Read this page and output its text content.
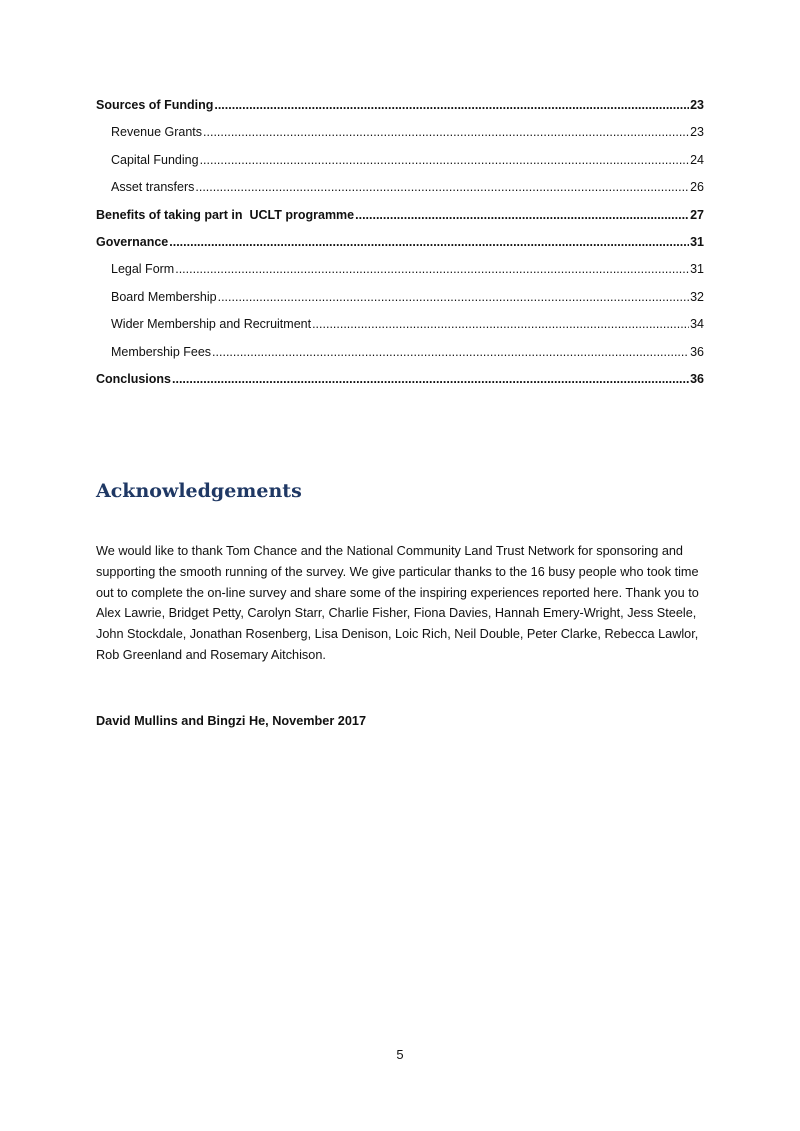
Sources of Funding .....	23
Revenue Grants .....	23
Capital Funding .....	24
Asset transfers .....	26
Benefits of taking part in  UCLT programme .....	27
Governance .....	31
Legal Form .....	31
Board Membership .....	32
Wider Membership and Recruitment .....	34
Membership Fees .....	36
Conclusions .....	36
Acknowledgements

We would like to thank Tom Chance and the National Community Land Trust Network for sponsoring and supporting the smooth running of the survey. We give particular thanks to the 16 busy people who took time out to complete the on-line survey and share some of the inspiring experiences reported here. Thank you to Alex Lawrie, Bridget Petty, Carolyn Starr, Charlie Fisher, Fiona Davies, Hannah Emery-Wright, Jess Steele, John Stockdale, Jonathan Rosenberg, Lisa Denison, Loic Rich, Neil Double, Peter Clarke, Rebecca Lawlor, Rob Greenland and Rosemary Aitchison.

David Mullins and Bingzi He, November 2017

5
